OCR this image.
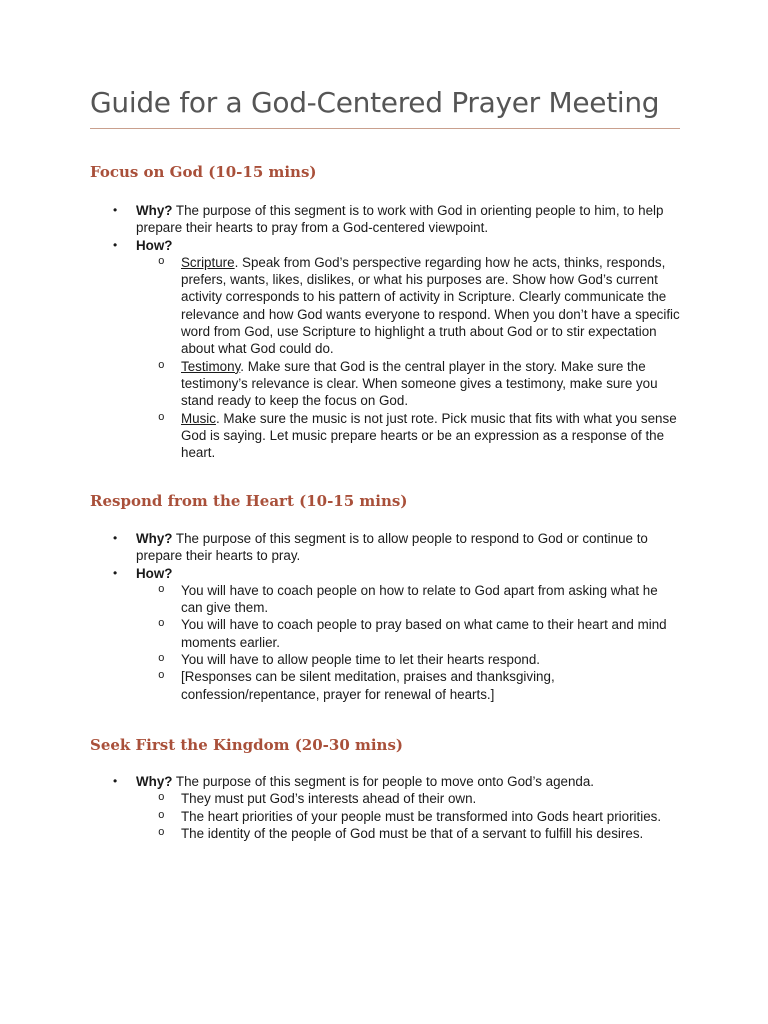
Guide for a God-Centered Prayer Meeting
Focus on God (10-15 mins)
• Why? The purpose of this segment is to work with God in orienting people to him, to help prepare their hearts to pray from a God-centered viewpoint.
• How?
o Scripture. Speak from God’s perspective regarding how he acts, thinks, responds, prefers, wants, likes, dislikes, or what his purposes are. Show how God’s current activity corresponds to his pattern of activity in Scripture. Clearly communicate the relevance and how God wants everyone to respond. When you don’t have a specific word from God, use Scripture to highlight a truth about God or to stir expectation about what God could do.
o Testimony. Make sure that God is the central player in the story. Make sure the testimony’s relevance is clear. When someone gives a testimony, make sure you stand ready to keep the focus on God.
o Music. Make sure the music is not just rote. Pick music that fits with what you sense God is saying. Let music prepare hearts or be an expression as a response of the heart.
Respond from the Heart (10-15 mins)
• Why? The purpose of this segment is to allow people to respond to God or continue to prepare their hearts to pray.
• How?
o You will have to coach people on how to relate to God apart from asking what he can give them.
o You will have to coach people to pray based on what came to their heart and mind moments earlier.
o You will have to allow people time to let their hearts respond.
o [Responses can be silent meditation, praises and thanksgiving, confession/repentance, prayer for renewal of hearts.]
Seek First the Kingdom (20-30 mins)
• Why? The purpose of this segment is for people to move onto God’s agenda.
o They must put God’s interests ahead of their own.
o The heart priorities of your people must be transformed into Gods heart priorities.
o The identity of the people of God must be that of a servant to fulfill his desires.
